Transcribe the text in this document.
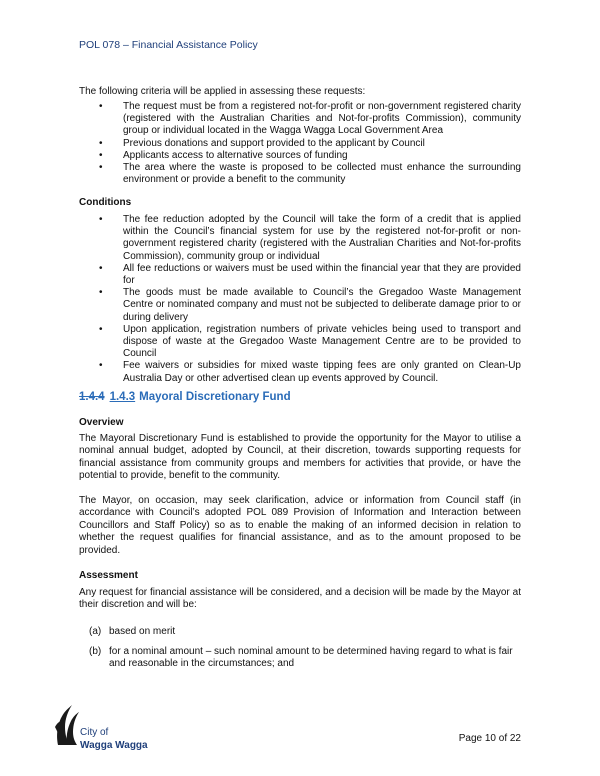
POL 078 – Financial Assistance Policy
The following criteria will be applied in assessing these requests:
• The request must be from a registered not-for-profit or non-government registered charity (registered with the Australian Charities and Not-for-profits Commission), community group or individual located in the Wagga Wagga Local Government Area
• Previous donations and support provided to the applicant by Council
• Applicants access to alternative sources of funding
• The area where the waste is proposed to be collected must enhance the surrounding environment or provide a benefit to the community
Conditions
• The fee reduction adopted by the Council will take the form of a credit that is applied within the Council’s financial system for use by the registered not-for-profit or non-government registered charity (registered with the Australian Charities and Not-for-profits Commission), community group or individual
• All fee reductions or waivers must be used within the financial year that they are provided for
• The goods must be made available to Council’s the Gregadoo Waste Management Centre or nominated company and must not be subjected to deliberate damage prior to or during delivery
• Upon application, registration numbers of private vehicles being used to transport and dispose of waste at the Gregadoo Waste Management Centre are to be provided to Council
• Fee waivers or subsidies for mixed waste tipping fees are only granted on Clean-Up Australia Day or other advertised clean up events approved by Council.
1.4.4 1.4.3 Mayoral Discretionary Fund
Overview
The Mayoral Discretionary Fund is established to provide the opportunity for the Mayor to utilise a nominal annual budget, adopted by Council, at their discretion, towards supporting requests for financial assistance from community groups and members for activities that provide, or have the potential to provide, benefit to the community.
The Mayor, on occasion, may seek clarification, advice or information from Council staff (in accordance with Council’s adopted POL 089 Provision of Information and Interaction between Councillors and Staff Policy) so as to enable the making of an informed decision in relation to whether the request qualifies for financial assistance, and as to the amount proposed to be provided.
Assessment
Any request for financial assistance will be considered, and a decision will be made by the Mayor at their discretion and will be:
(a) based on merit
(b) for a nominal amount – such nominal amount to be determined having regard to what is fair and reasonable in the circumstances; and
City of
Wagga Wagga
Page 10 of 22
